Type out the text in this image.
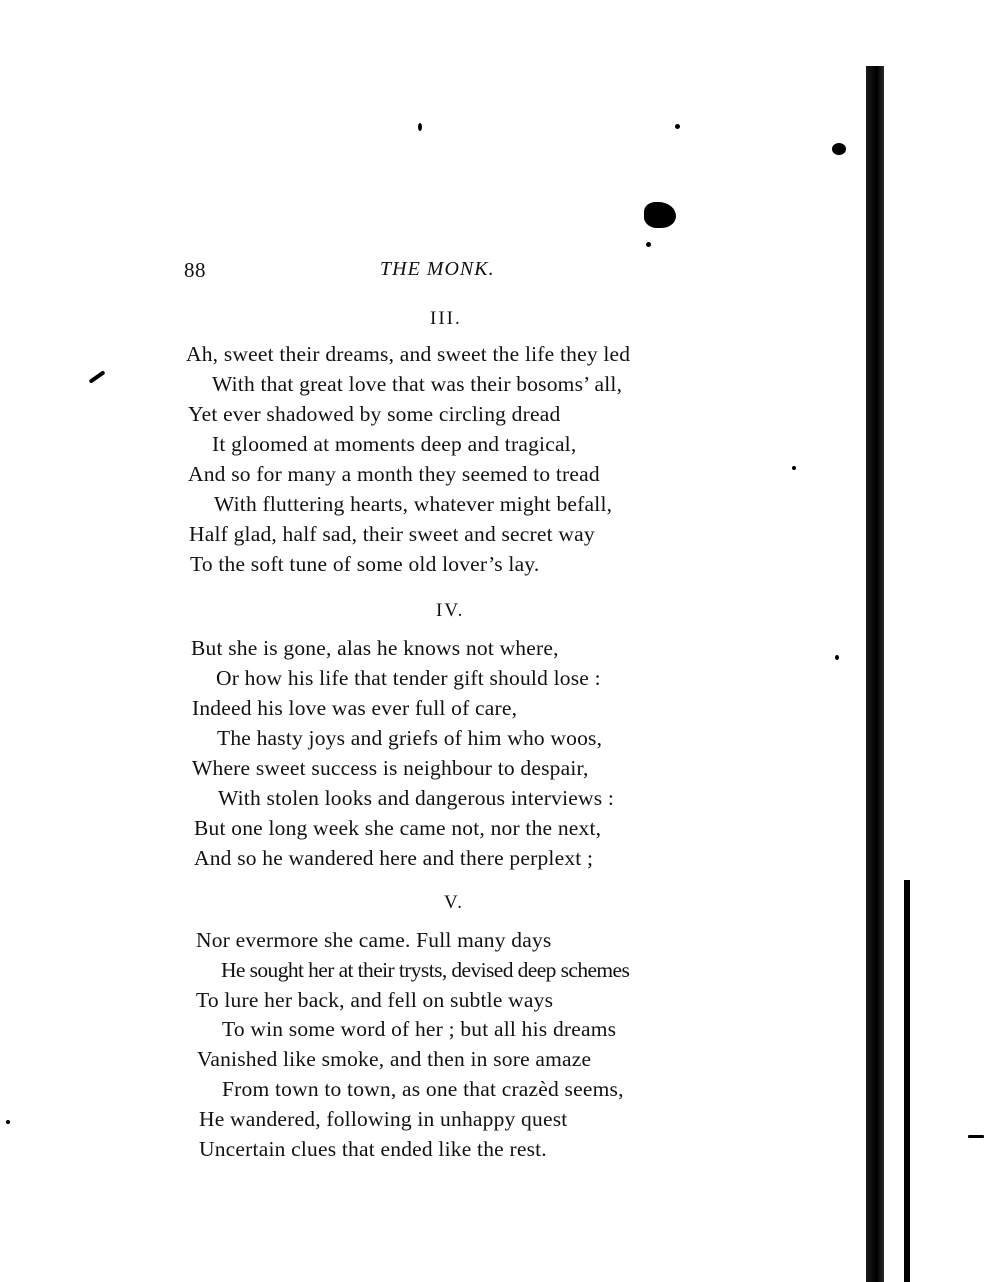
88	THE MONK.
III.
Ah, sweet their dreams, and sweet the life they led
With that great love that was their bosoms’ all,
Yet ever shadowed by some circling dread
It gloomed at moments deep and tragical,
And so for many a month they seemed to tread
With fluttering hearts, whatever might befall,
Half glad, half sad, their sweet and secret way
To the soft tune of some old lover’s lay.
IV.
But she is gone, alas he knows not where,
Or how his life that tender gift should lose :
Indeed his love was ever full of care,
The hasty joys and griefs of him who woos,
Where sweet success is neighbour to despair,
With stolen looks and dangerous interviews :
But one long week she came not, nor the next,
And so he wandered here and there perplext ;
V.
Nor evermore she came. Full many days
He sought her at their trysts, devised deep schemes
To lure her back, and fell on subtle ways
To win some word of her ; but all his dreams
Vanished like smoke, and then in sore amaze
From town to town, as one that crazèd seems,
He wandered, following in unhappy quest
Uncertain clues that ended like the rest.
